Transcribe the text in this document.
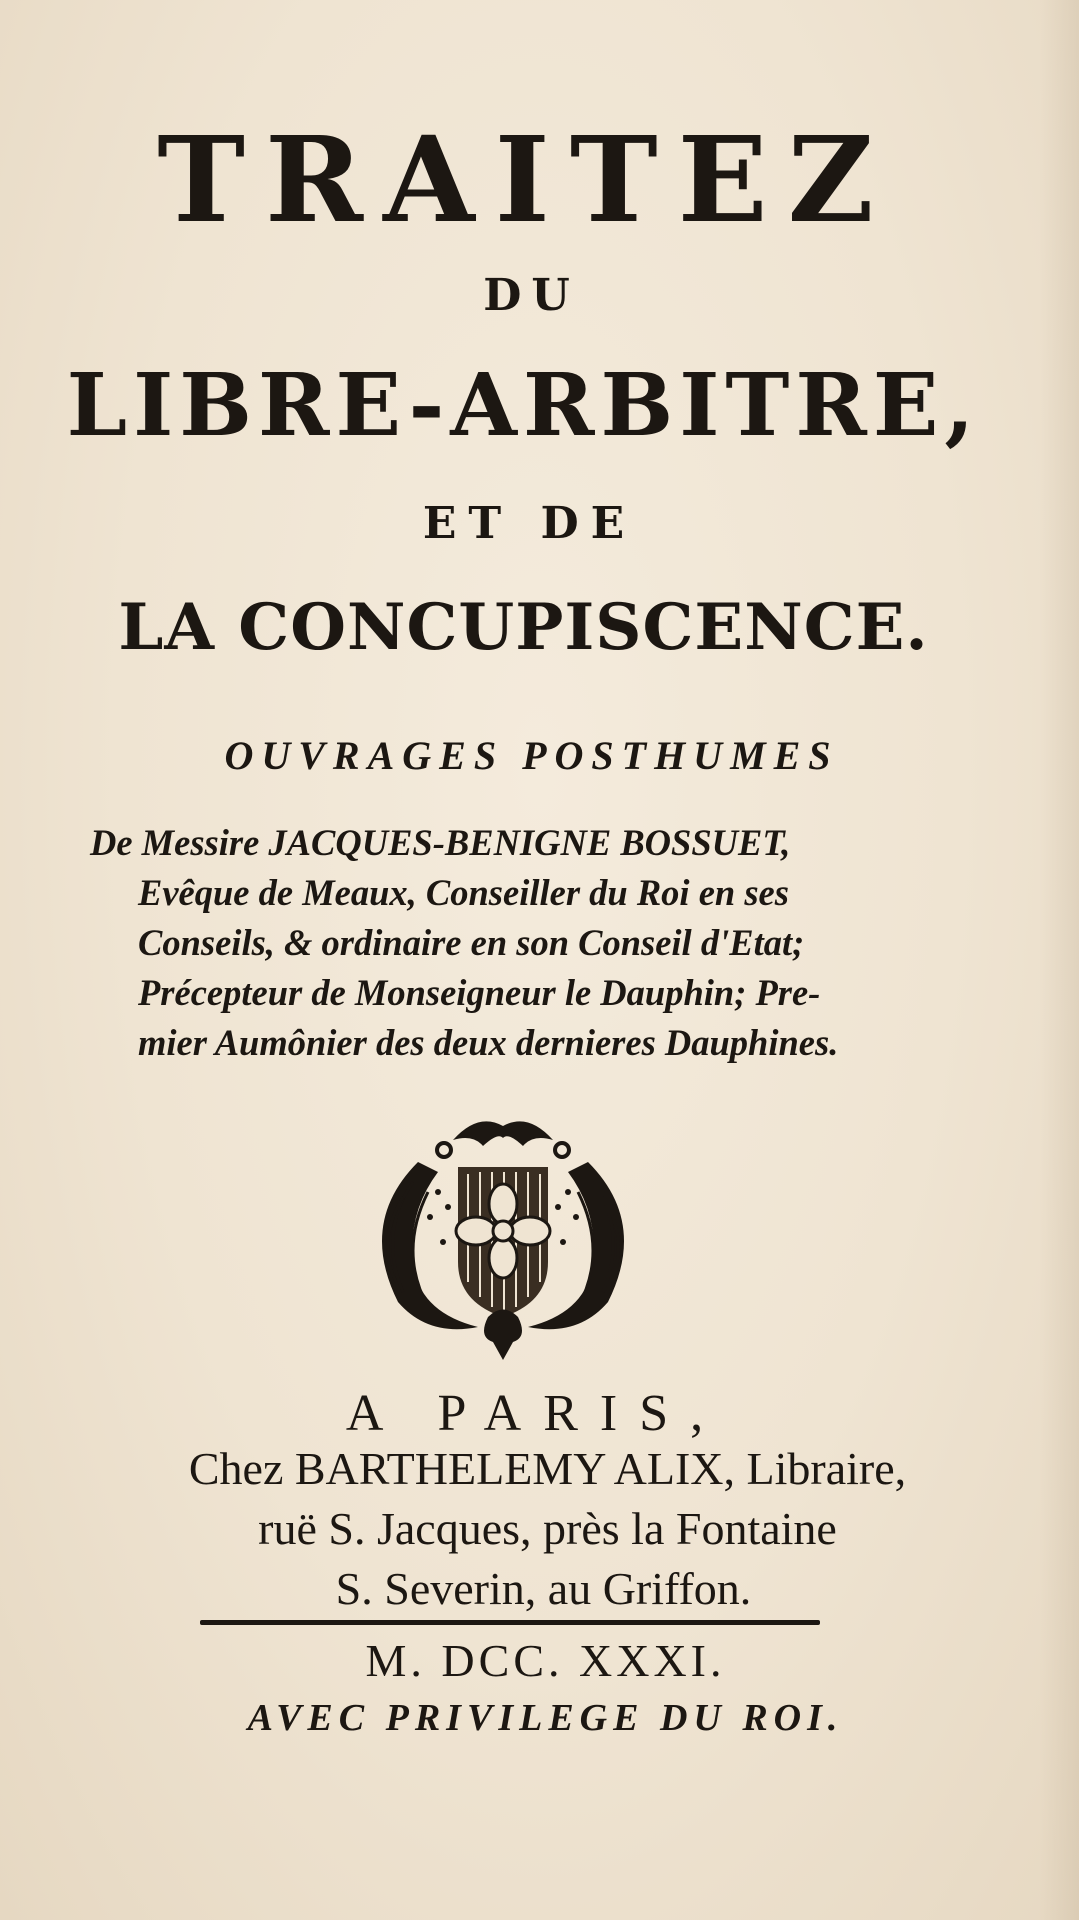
TRAITEZ
DU
LIBRE-ARBITRE,
ET DE
LA CONCUPISCENCE.
OUVRAGES POSTHUMES
De Messire JACQUES-BENIGNE BOSSUET,
Evêque de Meaux, Conseiller du Roi en ses
Conseils, & ordinaire en son Conseil d'Etat;
Précepteur de Monseigneur le Dauphin; Pre-
mier Aumônier des deux dernieres Dauphines.
A PARIS,
Chez BARTHELEMY ALIX, Libraire,
ruë S. Jacques, près la Fontaine
S. Severin, au Griffon.
M. DCC. XXXI.
AVEC PRIVILEGE DU ROI.
